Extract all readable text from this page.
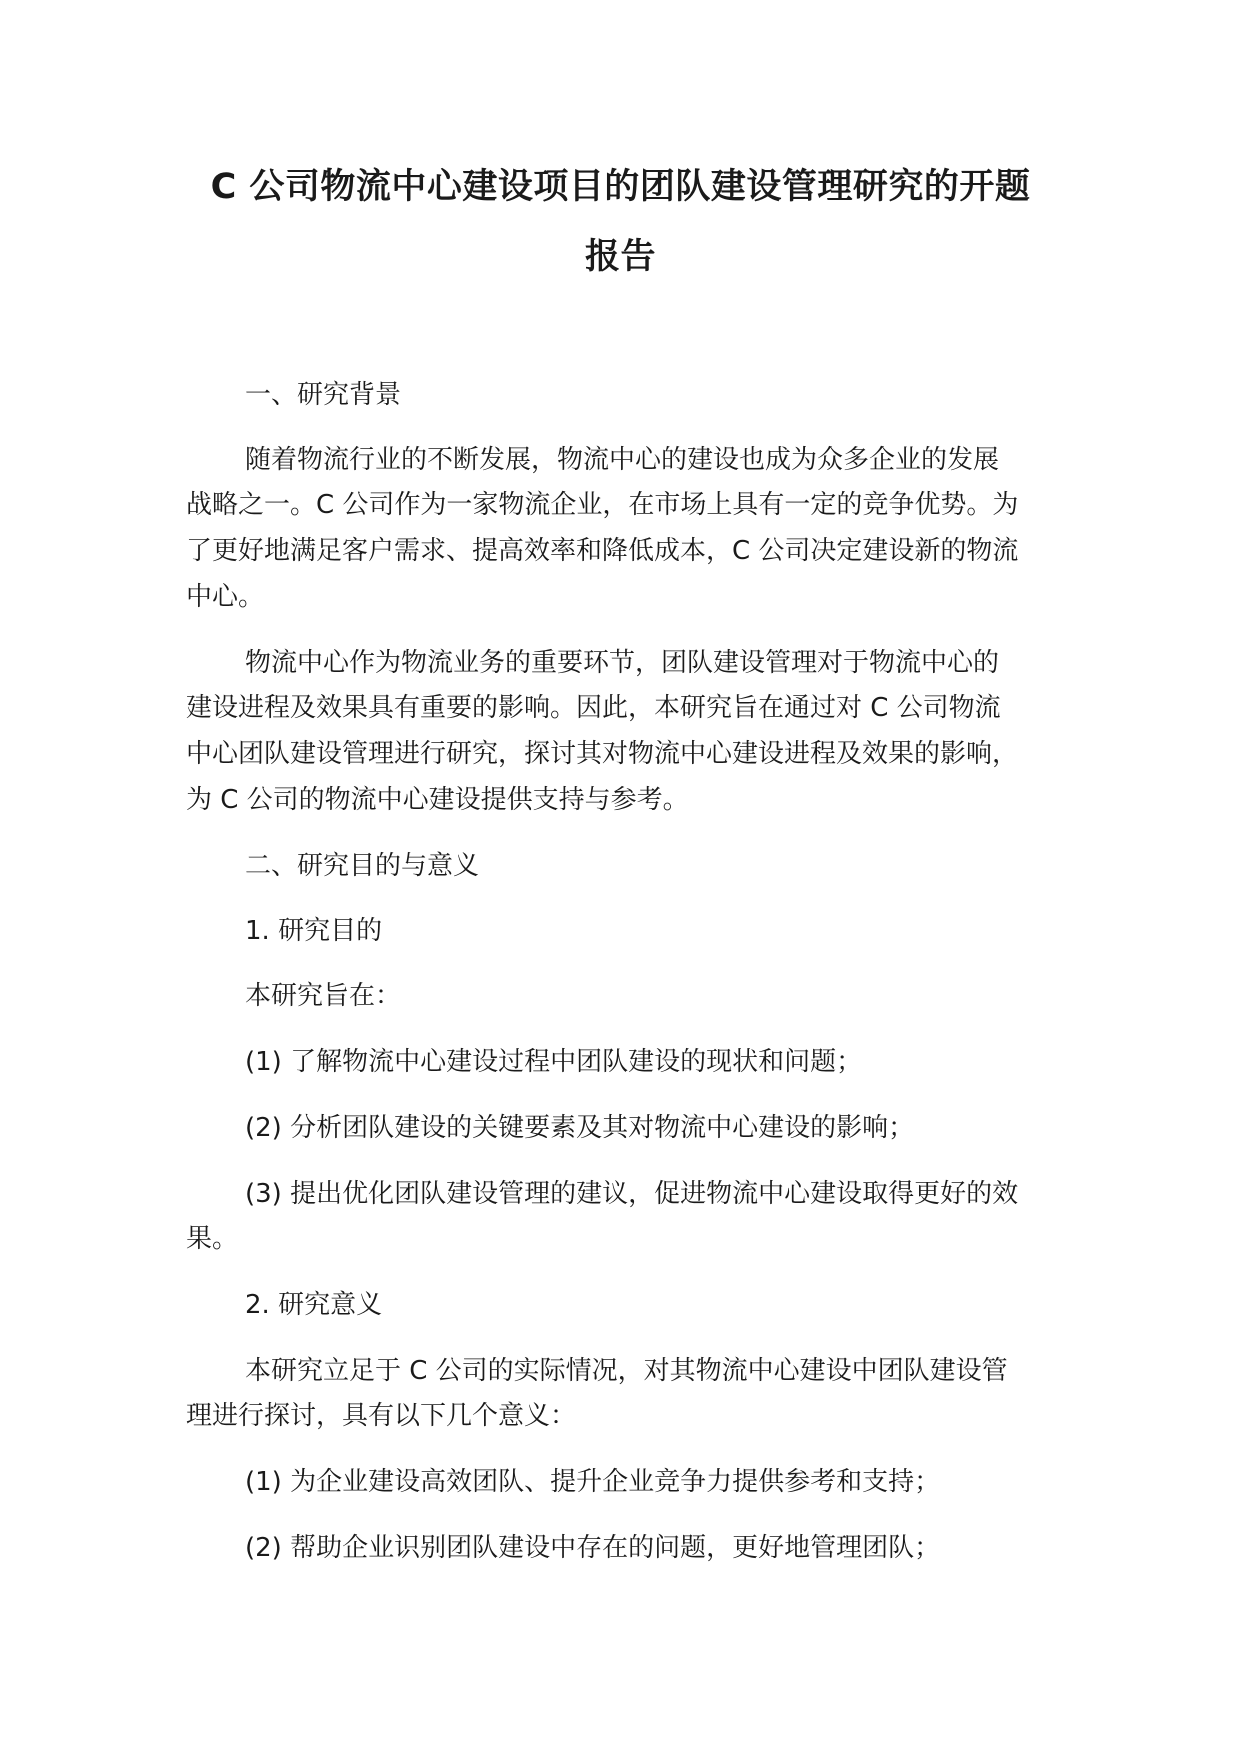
C 公司物流中心建设项目的团队建设管理研究的开题
报告
一、研究背景
随着物流行业的不断发展，物流中心的建设也成为众多企业的发展
战略之一。C 公司作为一家物流企业，在市场上具有一定的竞争优势。为
了更好地满足客户需求、提高效率和降低成本，C 公司决定建设新的物流
中心。
物流中心作为物流业务的重要环节，团队建设管理对于物流中心的
建设进程及效果具有重要的影响。因此，本研究旨在通过对 C 公司物流
中心团队建设管理进行研究，探讨其对物流中心建设进程及效果的影响，
为 C 公司的物流中心建设提供支持与参考。
二、研究目的与意义
1. 研究目的
本研究旨在：
(1) 了解物流中心建设过程中团队建设的现状和问题；
(2) 分析团队建设的关键要素及其对物流中心建设的影响；
(3) 提出优化团队建设管理的建议，促进物流中心建设取得更好的效
果。
2. 研究意义
本研究立足于 C 公司的实际情况，对其物流中心建设中团队建设管
理进行探讨，具有以下几个意义：
(1) 为企业建设高效团队、提升企业竞争力提供参考和支持；
(2) 帮助企业识别团队建设中存在的问题，更好地管理团队；
